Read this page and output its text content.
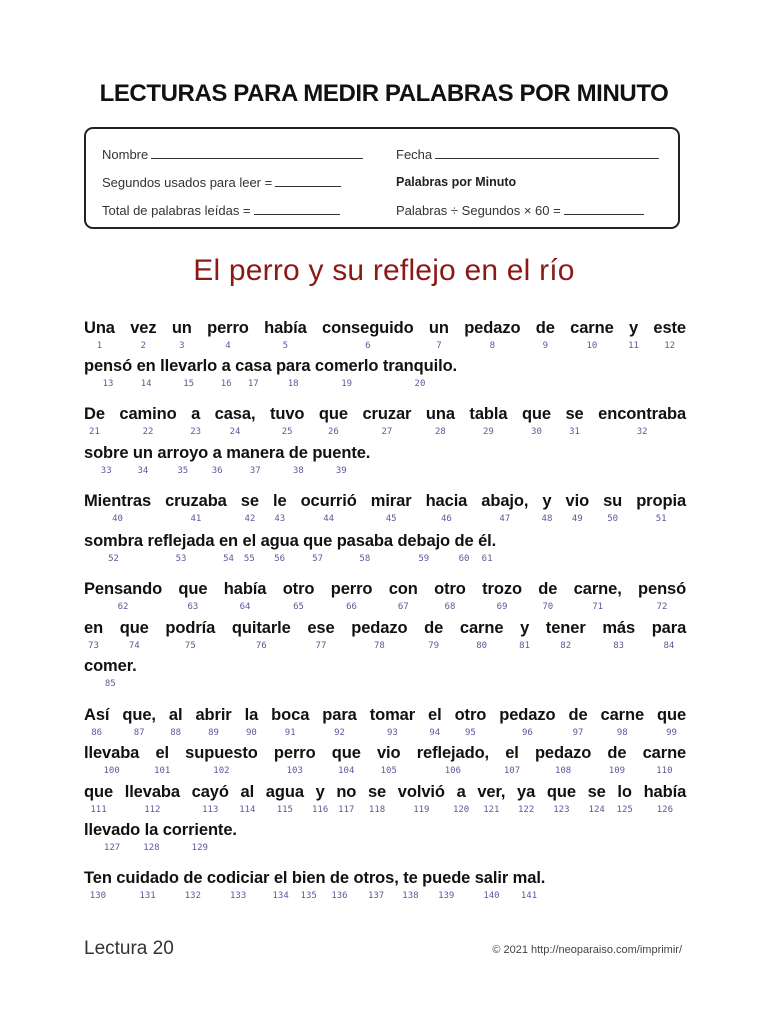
LECTURAS PARA MEDIR PALABRAS POR MINUTO
Nombre	Fecha
Segundos usados para leer =	Palabras por Minuto
Total de palabras leídas =	Palabras ÷ Segundos × 60 =
El perro y su reflejo en el río
Una vez un perro había conseguido un pedazo de carne y este
1	2	3	4	5	6	7	8	9	10	11	12
pensó en llevarlo a casa para comerlo tranquilo.
13	14	15	16 17	18	19	20
De camino a casa, tuvo que cruzar una tabla que se encontraba
21	22	23	24	25	26	27	28	29	30	31	32
sobre un arroyo a manera de puente.
33	34	35	36	37	38	39
Mientras cruzaba se le ocurrió mirar hacia abajo, y vio su propia
40	41	42 43	44	45	46	47	48 49	50	51
sombra reflejada en el agua que pasaba debajo de él.
52	53	54 55 56	57	58	59	60 61
Pensando que había otro perro con otro trozo de carne, pensó
62	63	64	65	66	67	68	69	70	71	72
en que podría quitarle ese pedazo de carne y tener más para
73	74	75	76	77	78	79	80	81	82	83	84
comer.
85
Así que, al abrir la boca para tomar el otro pedazo de carne que
86	87	88	89	90	91	92	93	94	95	96	97	98	99
llevaba el supuesto perro que vio reflejado, el pedazo de carne
100	101	102	103	104	105	106	107	108	109	110
que llevaba cayó al agua y no se volvió a ver, ya que se lo había
111	112	113 114 115 116 117 118	119	120 121 122 123 124 125	126
llevado la corriente.
127	128	129
Ten cuidado de codiciar el bien de otros, te puede salir mal.
130	131	132	133	134 135 136 137 138 139	140 141
Lectura 20	© 2021 http://neoparaiso.com/imprimir/
